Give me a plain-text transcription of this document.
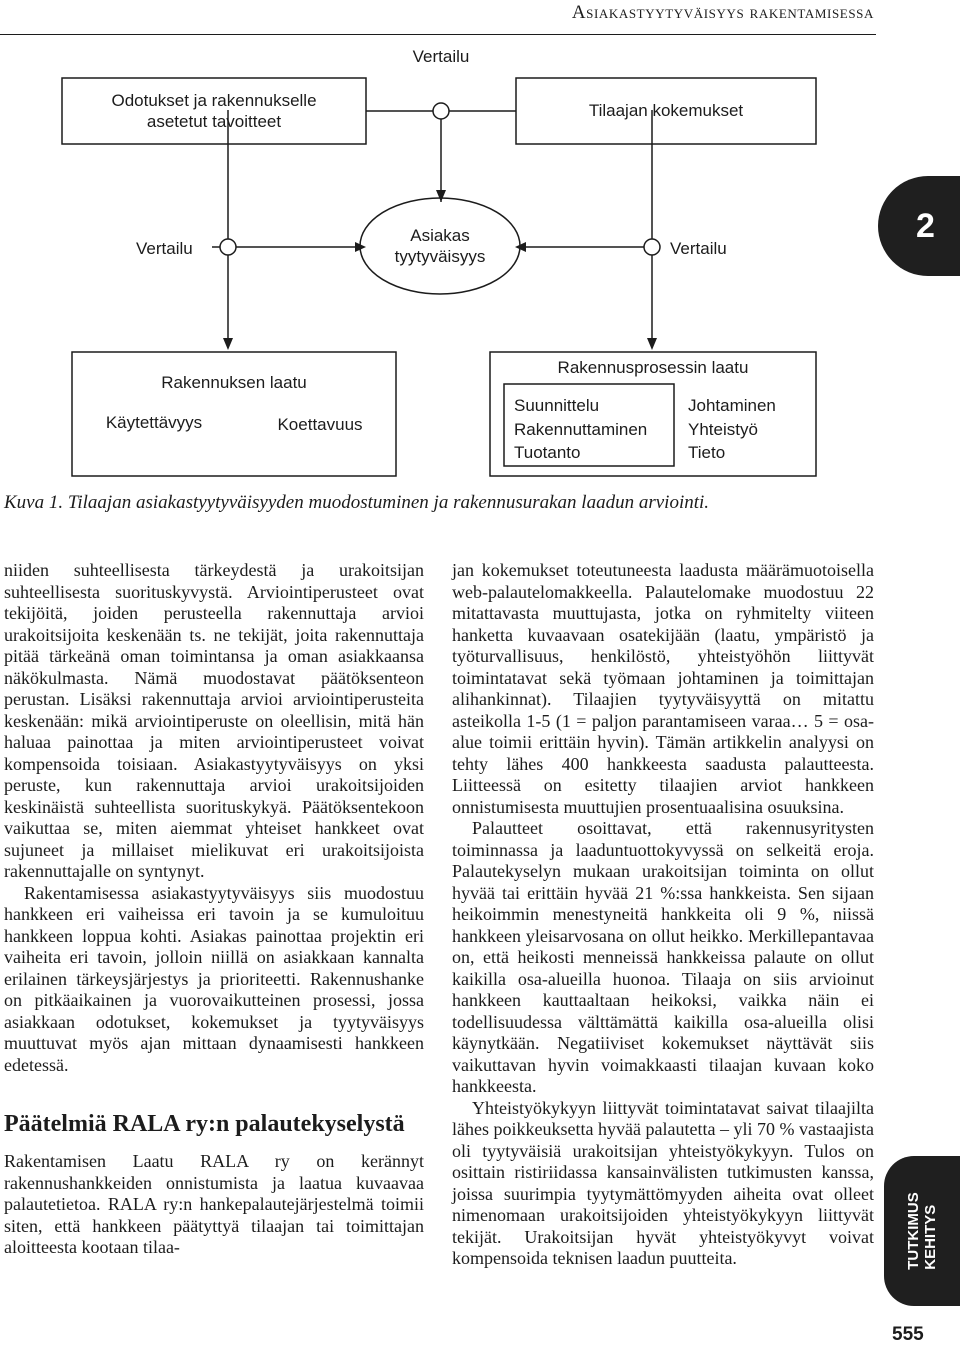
Asiakastyytyväisyys rakentamisessa
2
Vertailu
Odotukset ja rakennukselle
asetetut tavoitteet
Tilaajan kokemukset
Asiakas
tyytyväisyys
Vertailu	Vertailu
Rakennuksen laatu
Käytettävyys	Koettavuus
Rakennusprosessin laatu
Suunnittelu
Rakennuttaminen
Tuotanto
Johtaminen
Yhteistyö
Tieto
Kuva 1. Tilaajan asiakastyytyväisyyden muodostuminen ja rakennusurakan laadun arviointi.

niiden suhteellisesta tärkeydestä ja urakoitsijan suhteellisesta suorituskyvystä. Arviointiperusteet ovat tekijöitä, joiden perusteella rakennuttaja arvioi urakoitsijoita keskenään ts. ne tekijät, joita rakennuttaja pitää tärkeänä oman toimintansa ja oman asiakkaansa näkökulmasta. Nämä muodostavat päätöksenteon perustan. Lisäksi rakennuttaja arvioi arviointiperusteita keskenään: mikä arviointiperuste on oleellisin, mitä hän haluaa painottaa ja miten arviointiperusteet voivat kompensoida toisiaan. Asiakastyytyväisyys on yksi peruste, kun rakennuttaja arvioi urakoitsijoiden keskinäistä suhteellista suorituskykyä. Päätöksentekoon vaikuttaa se, miten aiemmat yhteiset hankkeet ovat sujuneet ja millaiset mielikuvat eri urakoitsijoista rakennuttajalle on syntynyt.

Rakentamisessa asiakastyytyväisyys siis muodostuu hankkeen eri vaiheissa eri tavoin ja se kumuloituu hankkeen loppua kohti. Asiakas painottaa projektin eri vaiheita eri tavoin, jolloin niillä on asiakkaan kannalta erilainen tärkeysjärjestys ja prioriteetti. Rakennushanke on pitkäaikainen ja vuorovaikutteinen prosessi, jossa asiakkaan odotukset, kokemukset ja tyytyväisyys muuttuvat myös ajan mittaan dynaamisesti hankkeen edetessä.

Päätelmiä RALA ry:n palautekyselystä

Rakentamisen Laatu RALA ry on kerännyt rakennushankkeiden onnistumista ja laatua kuvaavaa palautetietoa. RALA ry:n hankepalautejärjestelmä toimii siten, että hankkeen päätyttyä tilaajan tai toimittajan aloitteesta kootaan tilaa-

jan kokemukset toteutuneesta laadusta määrämuotoisella web-palautelomakkeella. Palautelomake muodostuu 22 mitattavasta muuttujasta, jotka on ryhmitelty viiteen hanketta kuvaavaan osatekijään (laatu, ympäristö ja työturvallisuus, henkilöstö, yhteistyöhön liittyvät toimintatavat sekä työmaan johtaminen ja toimittajan alihankinnat). Tilaajien tyytyväisyyttä on mitattu asteikolla 1-5 (1 = paljon parantamiseen varaa… 5 = osa-alue toimii erittäin hyvin). Tämän artikkelin analyysi on tehty lähes 400 hankkeesta saadusta palautteesta. Liitteessä on esitetty tilaajien arviot hankkeen onnistumisesta muuttujien prosentuaalisina osuuksina.

Palautteet osoittavat, että rakennusyritysten toiminnassa ja laaduntuottokyvyssä on selkeitä eroja. Palautekyselyn mukaan urakoitsijan toiminta on ollut hyvää tai erittäin hyvää 21 %:ssa hankkeista. Sen sijaan heikoimmin menestyneitä hankkeita oli 9 %, niissä hankkeen yleisarvosana on ollut heikko. Merkillepantavaa on, että heikosti menneissä hankkeissa palaute on ollut kaikilla osa-alueilla huonoa. Tilaaja on siis arvioinut hankkeen kauttaaltaan heikoksi, vaikka näin ei todellisuudessa välttämättä kaikilla osa-alueilla olisi käynytkään. Negatiiviset kokemukset näyttävät siis vaikuttavan hyvin voimakkaasti tilaajan kuvaan koko hankkeesta.

Yhteistyökykyyn liittyvät toimintatavat saivat tilaajilta lähes poikkeuksetta hyvää palautetta – yli 70 % vastaajista oli tyytyväisiä urakoitsijan yhteistyökykyyn. Tulos on osittain ristiriidassa kansainvälisten tutkimusten kanssa, joissa suurimpia tyytymättömyyden aiheita ovat olleet nimenomaan urakoitsijoiden yhteistyökykyyn liittyvät tekijät. Urakoitsijan hyvät yhteistyökyvyt voivat kompensoida teknisen laadun puutteita.	TUTKIMUS KEHITYS
555
